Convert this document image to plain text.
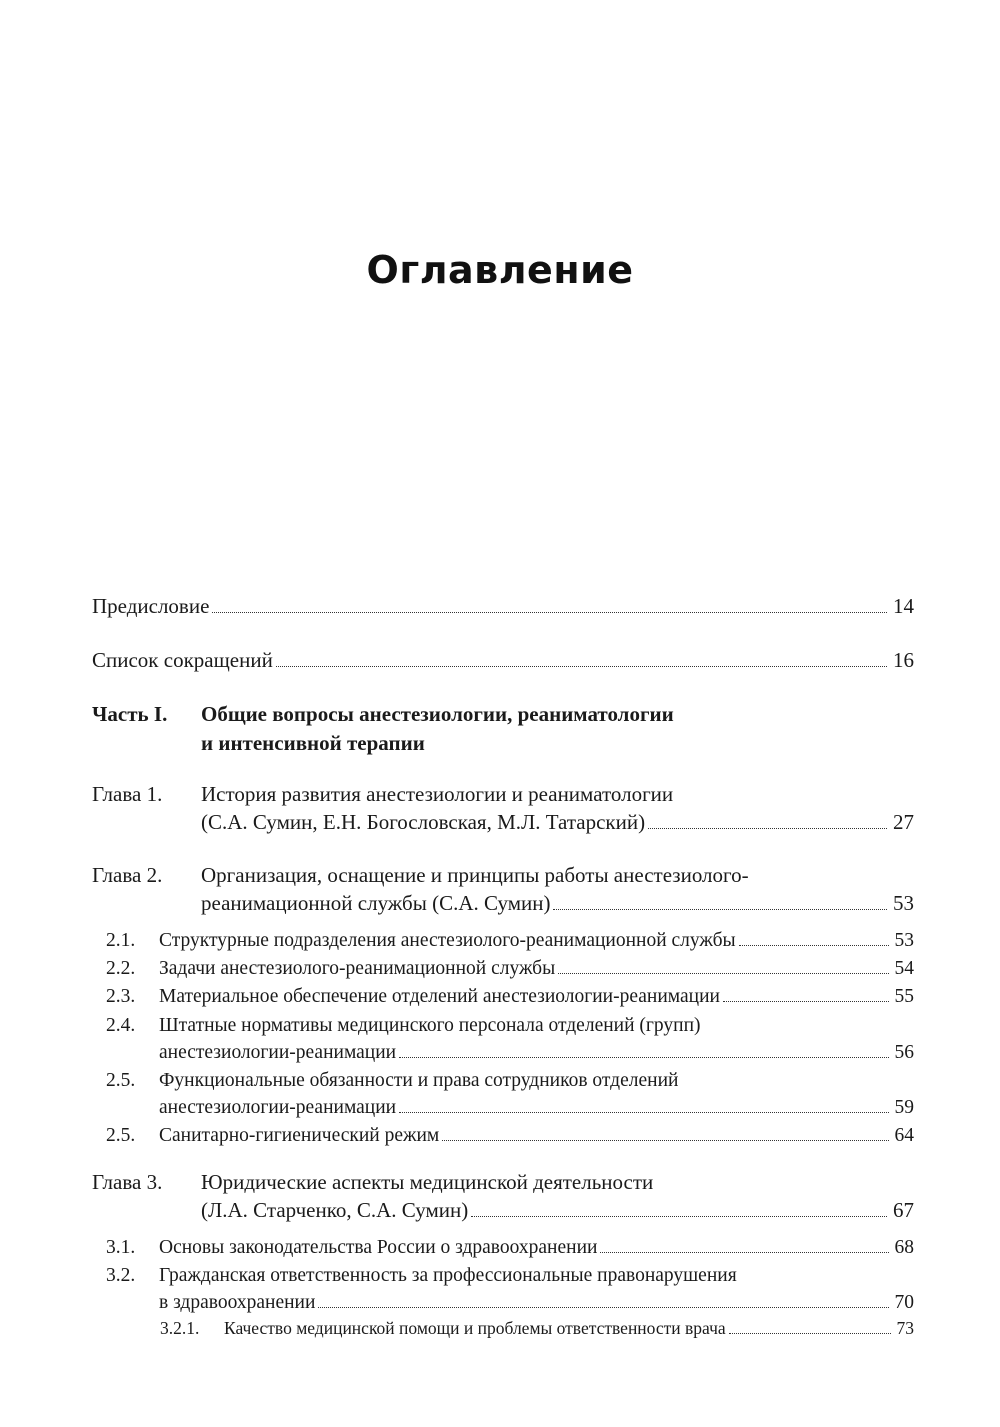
Оглавление
Предисловие	14
Список сокращений	16
Часть I. Общие вопросы анестезиологии, реаниматологии
и интенсивной терапии
Глава 1. История развития анестезиологии и реаниматологии
(С.А. Сумин, Е.Н. Богословская, М.Л. Татарский)	27
Глава 2. Организация, оснащение и принципы работы анестезиолого-
реанимационной службы (С.А. Сумин)	53
2.1. Структурные подразделения анестезиолого-реанимационной службы	53
2.2. Задачи анестезиолого-реанимационной службы	54
2.3. Материальное обеспечение отделений анестезиологии-реанимации	55
2.4. Штатные нормативы медицинского персонала отделений (групп)
анестезиологии-реанимации	56
2.5. Функциональные обязанности и права сотрудников отделений
анестезиологии-реанимации	59
2.5. Санитарно-гигиенический режим	64
Глава 3. Юридические аспекты медицинской деятельности
(Л.А. Старченко, С.А. Сумин)	67
3.1. Основы законодательства России о здравоохранении	68
3.2. Гражданская ответственность за профессиональные правонарушения
в здравоохранении	70
3.2.1. Качество медицинской помощи и проблемы ответственности врача	73
